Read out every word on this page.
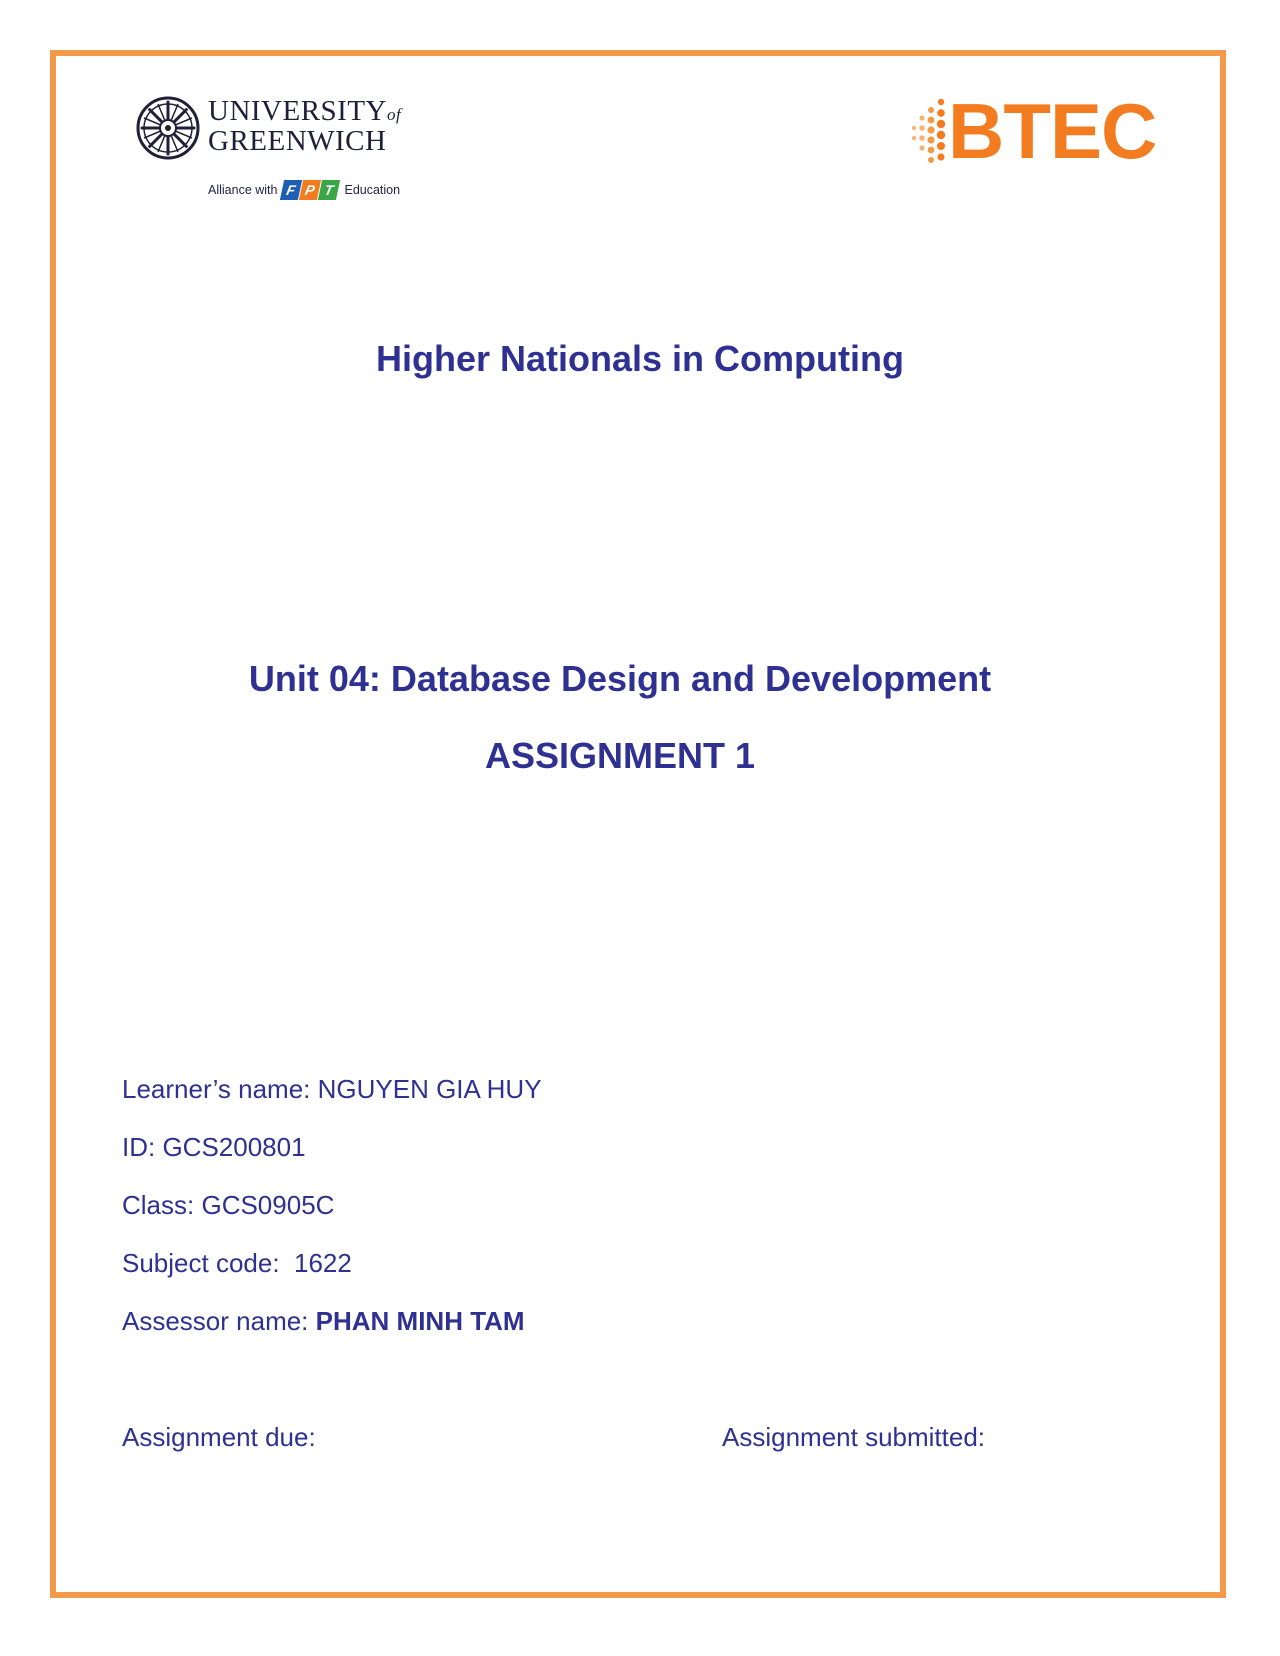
UNIVERSITYof
GREENWICH
Alliance with F P T Education
BTEC
Higher Nationals in Computing
Unit 04: Database Design and Development
ASSIGNMENT 1
Learner’s name: NGUYEN GIA HUY
ID: GCS200801
Class: GCS0905C
Subject code:  1622
Assessor name: PHAN MINH TAM
Assignment due:	Assignment submitted:
